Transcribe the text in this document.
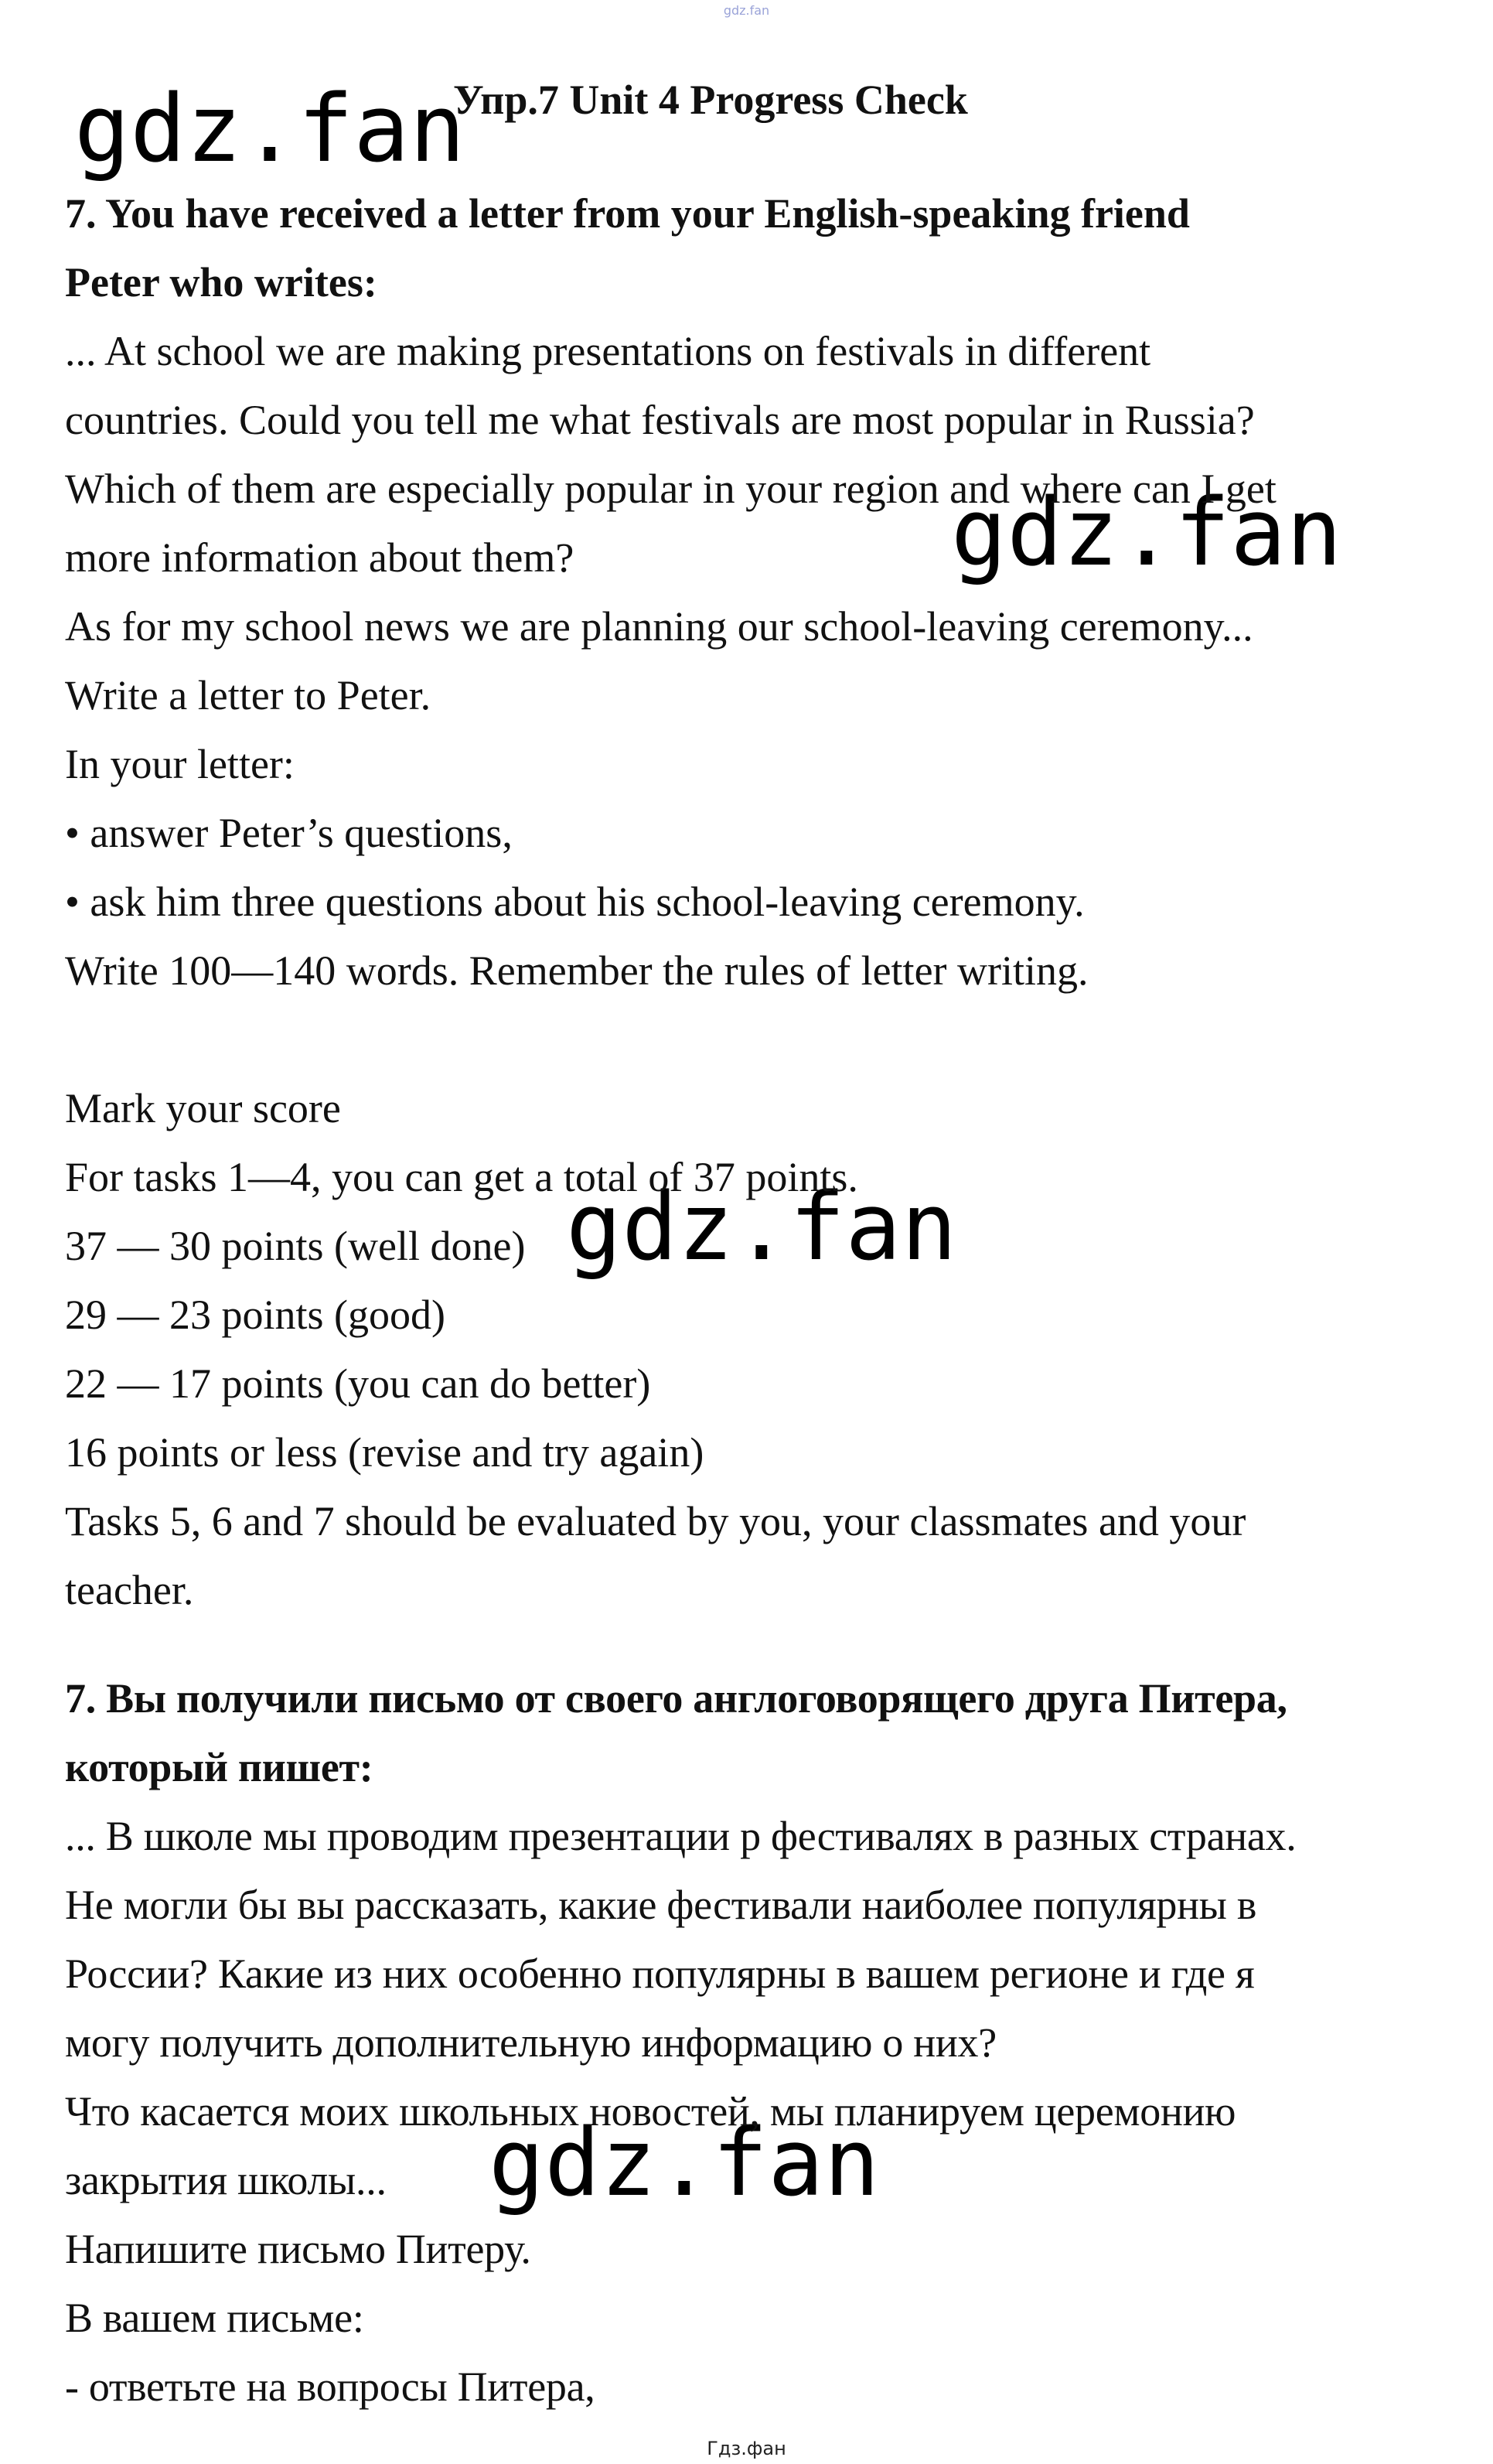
gdz.fan
gdz.fan
gdz.fan
gdz.fan
gdz.fan
Упр.7 Unit 4 Progress Check
7. You have received a letter from your English-speaking friend
Peter who writes:
... At school we are making presentations on festivals in different
countries. Could you tell me what festivals are most popular in Russia?
Which of them are especially popular in your region and where can I get
more information about them?
As for my school news we are planning our school-leaving ceremony...
Write a letter to Peter.
In your letter:
• answer Peter’s questions,
• ask him three questions about his school-leaving ceremony.
Write 100—140 words. Remember the rules of letter writing.
Mark your score
For tasks 1—4, you can get a total of 37 points.
37 — 30 points (well done)
29 — 23 points (good)
22 — 17 points (you can do better)
16 points or less (revise and try again)
Tasks 5, 6 and 7 should be evaluated by you, your classmates and your
teacher.
7. Вы получили письмо от своего англоговорящего друга Питера,
который пишет:
... В школе мы проводим презентации р фестивалях в разных странах.
Не могли бы вы рассказать, какие фестивали наиболее популярны в
России? Какие из них особенно популярны в вашем регионе и где я
могу получить дополнительную информацию о них?
Что касается моих школьных новостей, мы планируем церемонию
закрытия школы...
Напишите письмо Питеру.
В вашем письме:
- ответьте на вопросы Питера,
Гдз.фан
